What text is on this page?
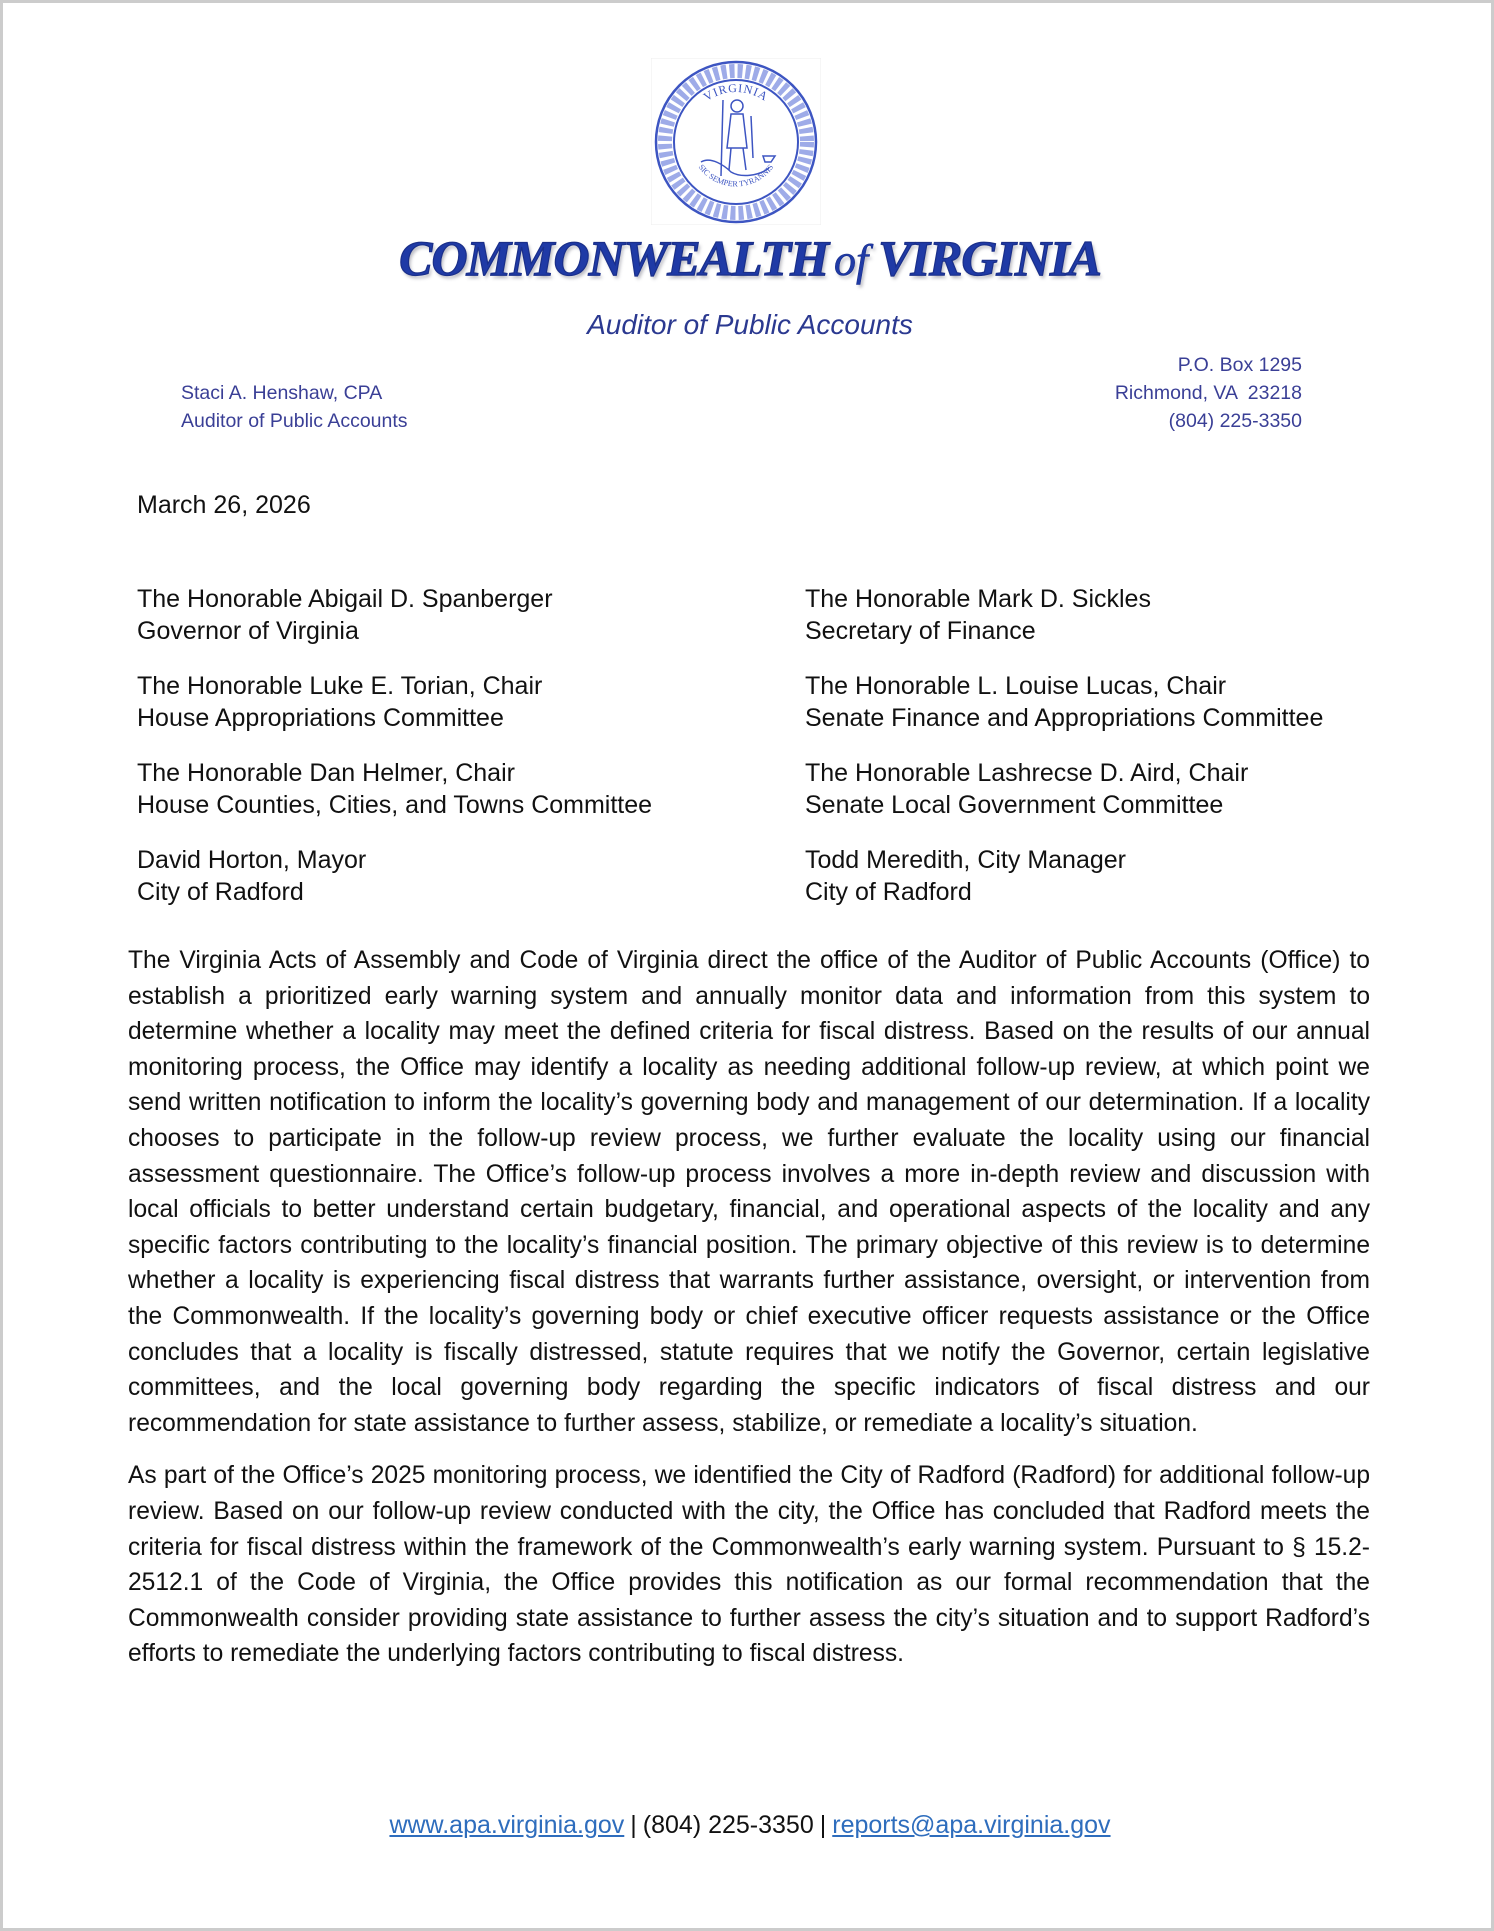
VIRGINIA
SIC SEMPER TYRANNIS
COMMONWEALTH of VIRGINIA
Auditor of Public Accounts
Staci A. Henshaw, CPA
Auditor of Public Accounts
P.O. Box 1295
Richmond, VA  23218
(804) 225-3350
March 26, 2026
The Honorable Abigail D. Spanberger
Governor of Virginia
The Honorable Mark D. Sickles
Secretary of Finance
The Honorable Luke E. Torian, Chair
House Appropriations Committee
The Honorable L. Louise Lucas, Chair
Senate Finance and Appropriations Committee
The Honorable Dan Helmer, Chair
House Counties, Cities, and Towns Committee
The Honorable Lashrecse D. Aird, Chair
Senate Local Government Committee
David Horton, Mayor
City of Radford
Todd Meredith, City Manager
City of Radford

The Virginia Acts of Assembly and Code of Virginia direct the office of the Auditor of Public Accounts (Office) to establish a prioritized early warning system and annually monitor data and information from this system to determine whether a locality may meet the defined criteria for fiscal distress. Based on the results of our annual monitoring process, the Office may identify a locality as needing additional follow-up review, at which point we send written notification to inform the locality’s governing body and management of our determination. If a locality chooses to participate in the follow-up review process, we further evaluate the locality using our financial assessment questionnaire. The Office’s follow-up process involves a more in-depth review and discussion with local officials to better understand certain budgetary, financial, and operational aspects of the locality and any specific factors contributing to the locality’s financial position. The primary objective of this review is to determine whether a locality is experiencing fiscal distress that warrants further assistance, oversight, or intervention from the Commonwealth. If the locality’s governing body or chief executive officer requests assistance or the Office concludes that a locality is fiscally distressed, statute requires that we notify the Governor, certain legislative committees, and the local governing body regarding the specific indicators of fiscal distress and our recommendation for state assistance to further assess, stabilize, or remediate a locality’s situation.

As part of the Office’s 2025 monitoring process, we identified the City of Radford (Radford) for additional follow-up review. Based on our follow-up review conducted with the city, the Office has concluded that Radford meets the criteria for fiscal distress within the framework of the Commonwealth’s early warning system. Pursuant to § 15.2-2512.1 of the Code of Virginia, the Office provides this notification as our formal recommendation that the Commonwealth consider providing state assistance to further assess the city’s situation and to support Radford’s efforts to remediate the underlying factors contributing to fiscal distress.

www.apa.virginia.gov | (804) 225-3350 | reports@apa.virginia.gov
